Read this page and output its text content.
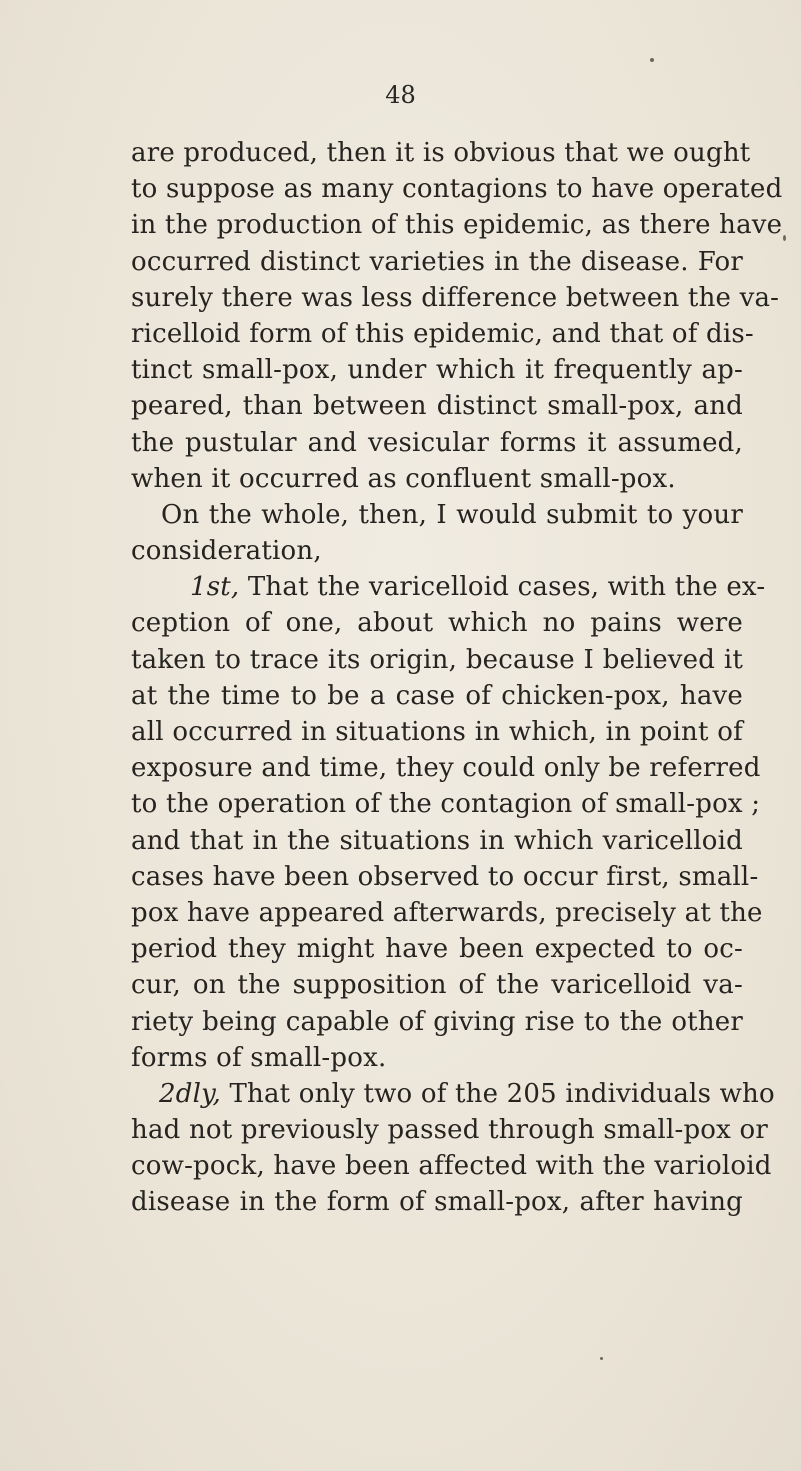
48
are produced, then it is obvious that we ought
to suppose as many contagions to have operated
in the production of this epidemic, as there have
occurred distinct varieties in the disease. For
surely there was less difference between the va-
ricelloid form of this epidemic, and that of dis-
tinct small-pox, under which it frequently ap-
peared, than between distinct small-pox, and
the pustular and vesicular forms it assumed,
when it occurred as confluent small-pox.
On the whole, then, I would submit to your
consideration,
1st, That the varicelloid cases, with the ex-
ception of one, about which no pains were
taken to trace its origin, because I believed it
at the time to be a case of chicken-pox, have
all occurred in situations in which, in point of
exposure and time, they could only be referred
to the operation of the contagion of small-pox ;
and that in the situations in which varicelloid
cases have been observed to occur first, small-
pox have appeared afterwards, precisely at the
period they might have been expected to oc-
cur, on the supposition of the varicelloid va-
riety being capable of giving rise to the other
forms of small-pox.
2dly, That only two of the 205 individuals who
had not previously passed through small-pox or
cow-pock, have been affected with the varioloid
disease in the form of small-pox, after having
